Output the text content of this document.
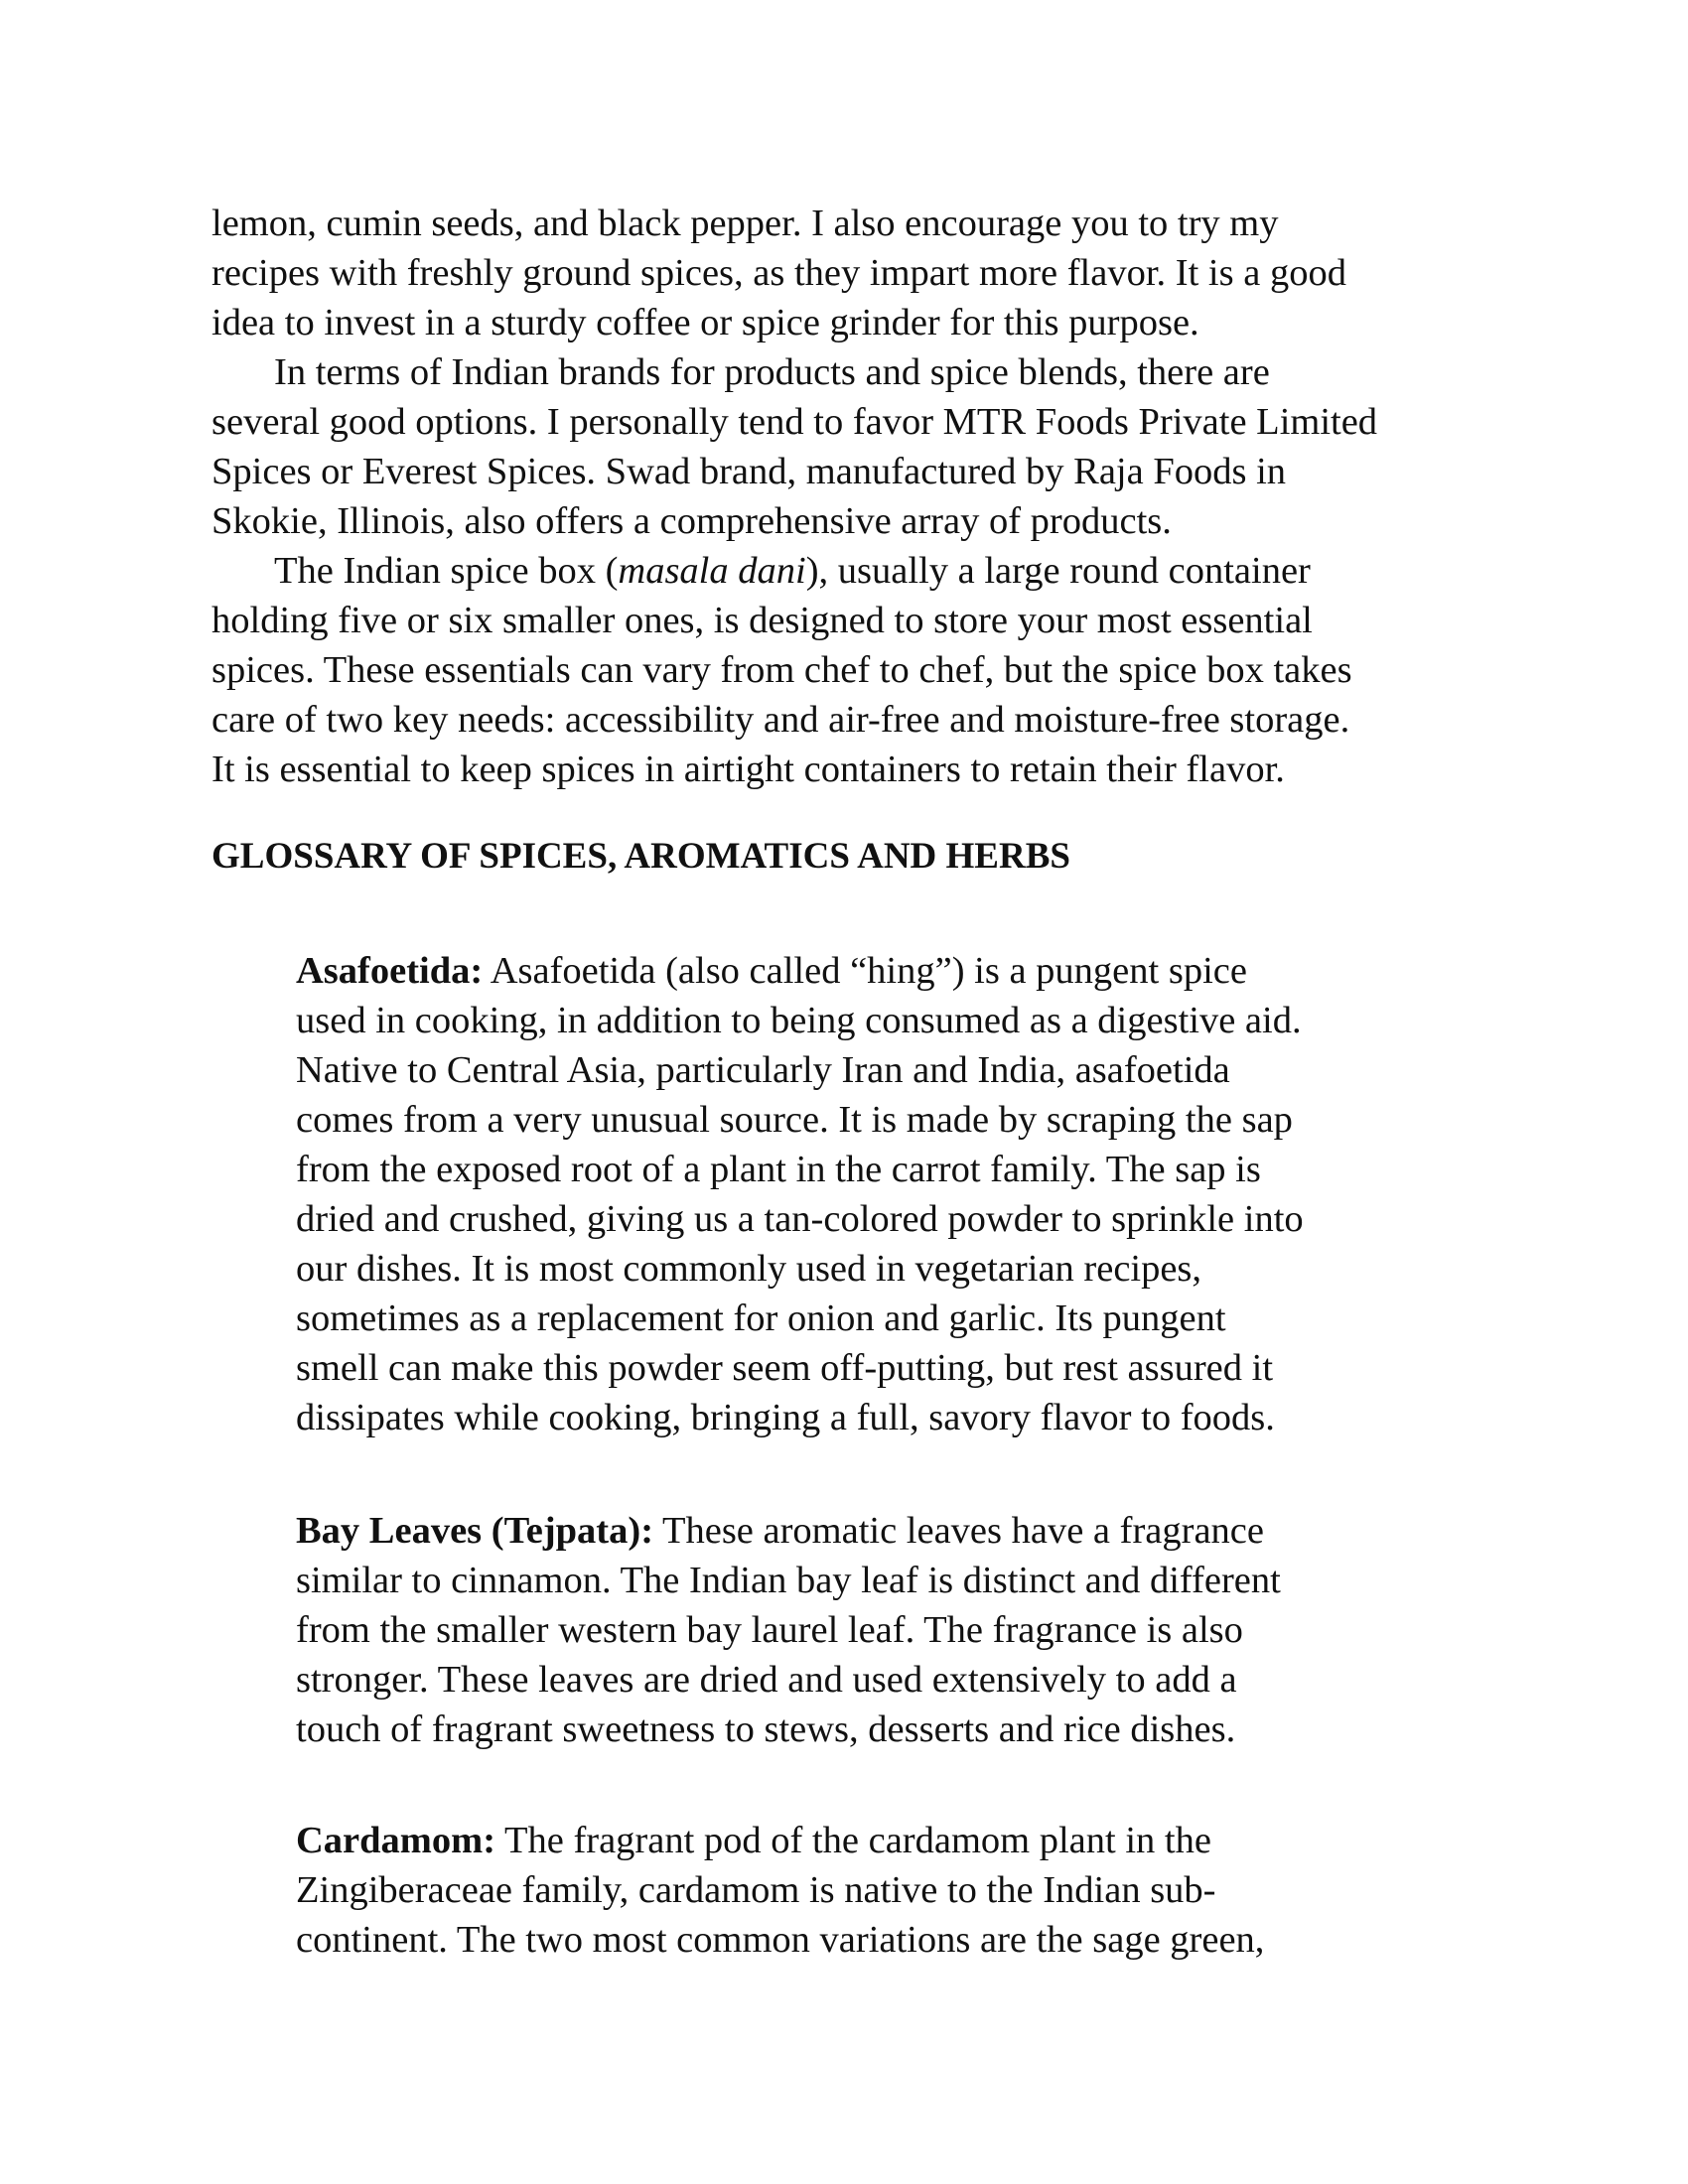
lemon, cumin seeds, and black pepper. I also encourage you to try my
recipes with freshly ground spices, as they impart more flavor. It is a good
idea to invest in a sturdy coffee or spice grinder for this purpose.

In terms of Indian brands for products and spice blends, there are
several good options. I personally tend to favor MTR Foods Private Limited
Spices or Everest Spices. Swad brand, manufactured by Raja Foods in
Skokie, Illinois, also offers a comprehensive array of products.

The Indian spice box (masala dani), usually a large round container
holding five or six smaller ones, is designed to store your most essential
spices. These essentials can vary from chef to chef, but the spice box takes
care of two key needs: accessibility and air-free and moisture-free storage.
It is essential to keep spices in airtight containers to retain their flavor.

GLOSSARY OF SPICES, AROMATICS AND HERBS
Asafoetida: Asafoetida (also called “hing”) is a pungent spice
used in cooking, in addition to being consumed as a digestive aid.
Native to Central Asia, particularly Iran and India, asafoetida
comes from a very unusual source. It is made by scraping the sap
from the exposed root of a plant in the carrot family. The sap is
dried and crushed, giving us a tan-colored powder to sprinkle into
our dishes. It is most commonly used in vegetarian recipes,
sometimes as a replacement for onion and garlic. Its pungent
smell can make this powder seem off-putting, but rest assured it
dissipates while cooking, bringing a full, savory flavor to foods.
Bay Leaves (Tejpata): These aromatic leaves have a fragrance
similar to cinnamon. The Indian bay leaf is distinct and different
from the smaller western bay laurel leaf. The fragrance is also
stronger. These leaves are dried and used extensively to add a
touch of fragrant sweetness to stews, desserts and rice dishes.
Cardamom: The fragrant pod of the cardamom plant in the
Zingiberaceae family, cardamom is native to the Indian sub-
continent. The two most common variations are the sage green,
